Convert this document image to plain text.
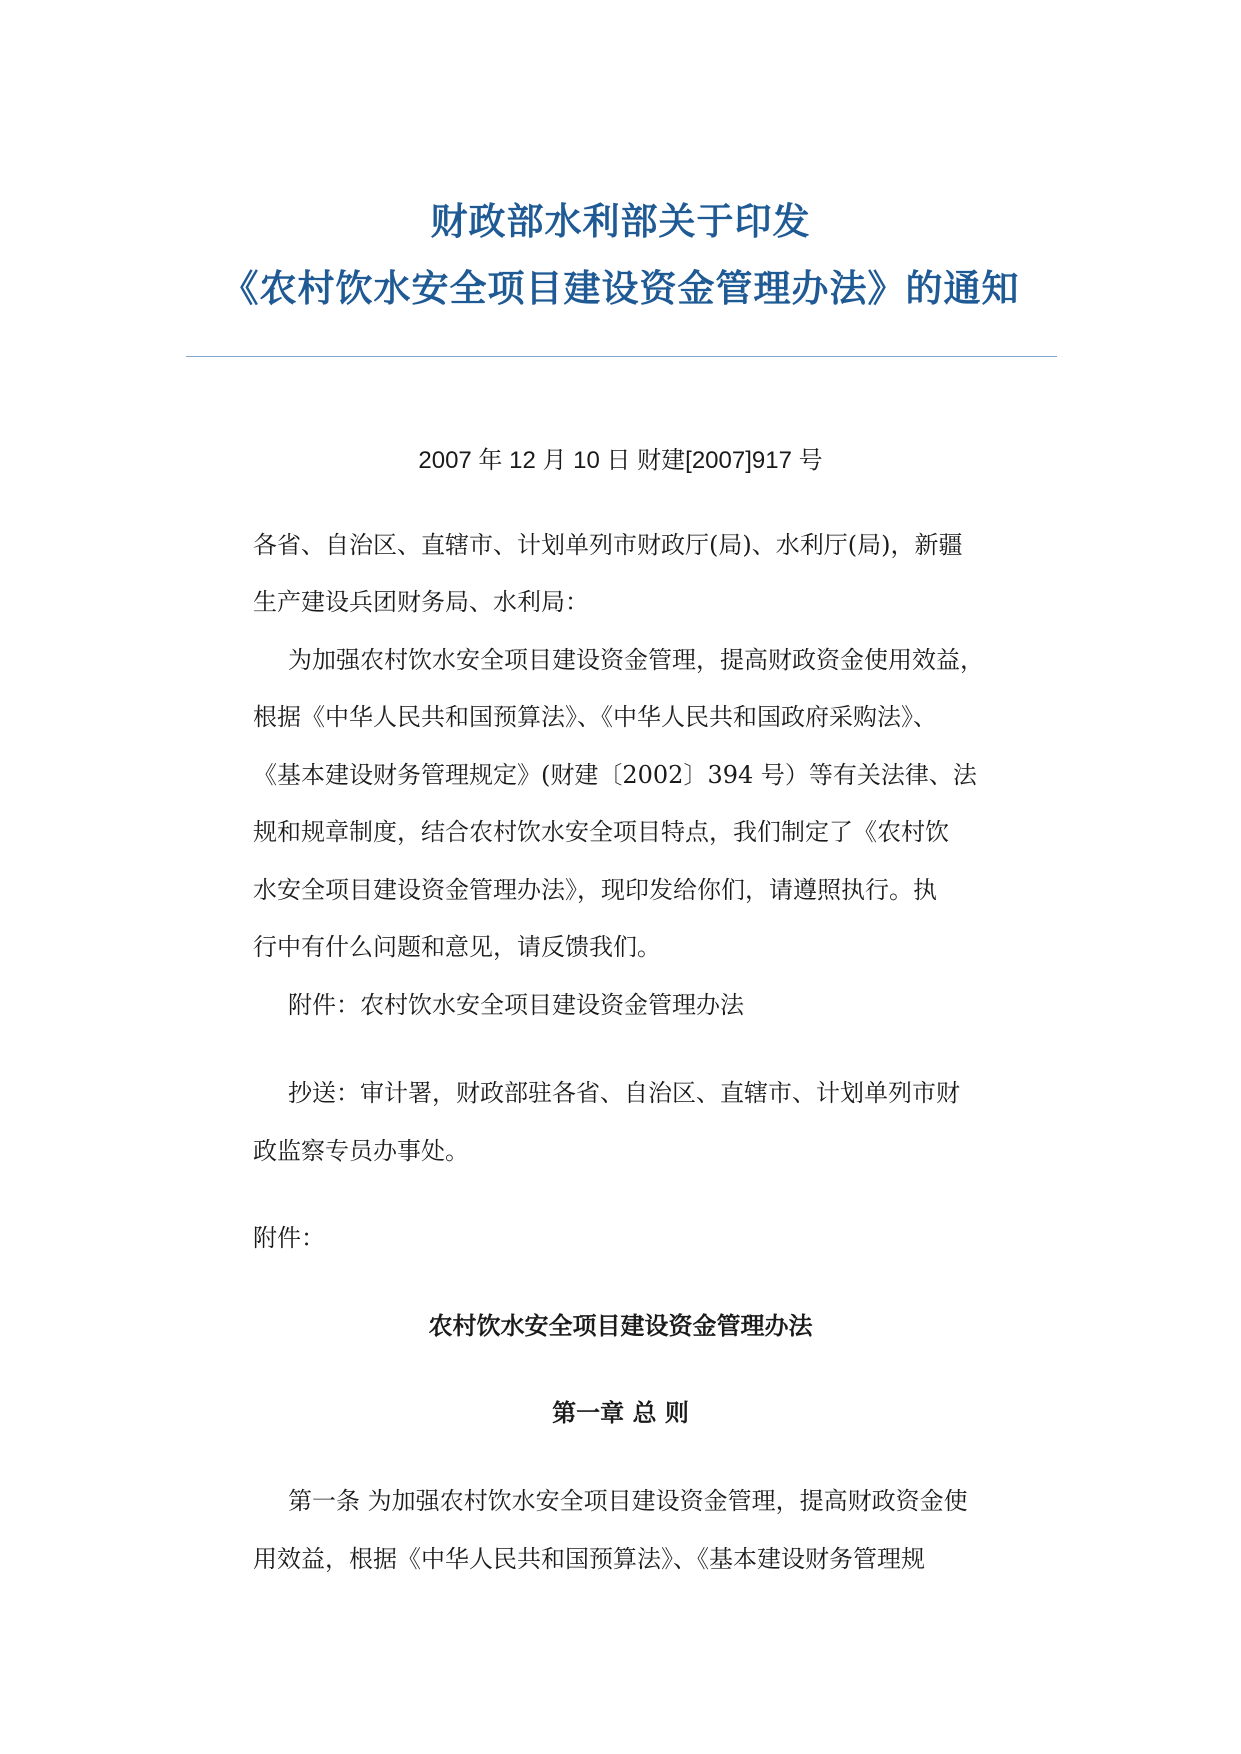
财政部水利部关于印发
《农村饮水安全项目建设资金管理办法》的通知
2007 年 12 月 10 日 财建[2007]917 号
各省、自治区、直辖市、计划单列市财政厅(局)、水利厅(局)，新疆
生产建设兵团财务局、水利局：
为加强农村饮水安全项目建设资金管理，提高财政资金使用效益，
根据《中华人民共和国预算法》、《中华人民共和国政府采购法》、
《基本建设财务管理规定》(财建〔2002〕394 号）等有关法律、法
规和规章制度，结合农村饮水安全项目特点，我们制定了《农村饮
水安全项目建设资金管理办法》，现印发给你们，请遵照执行。执
行中有什么问题和意见，请反馈我们。
附件：农村饮水安全项目建设资金管理办法
抄送：审计署，财政部驻各省、自治区、直辖市、计划单列市财
政监察专员办事处。
附件：
农村饮水安全项目建设资金管理办法
第一章 总 则
第一条 为加强农村饮水安全项目建设资金管理，提高财政资金使
用效益，根据《中华人民共和国预算法》、《基本建设财务管理规
